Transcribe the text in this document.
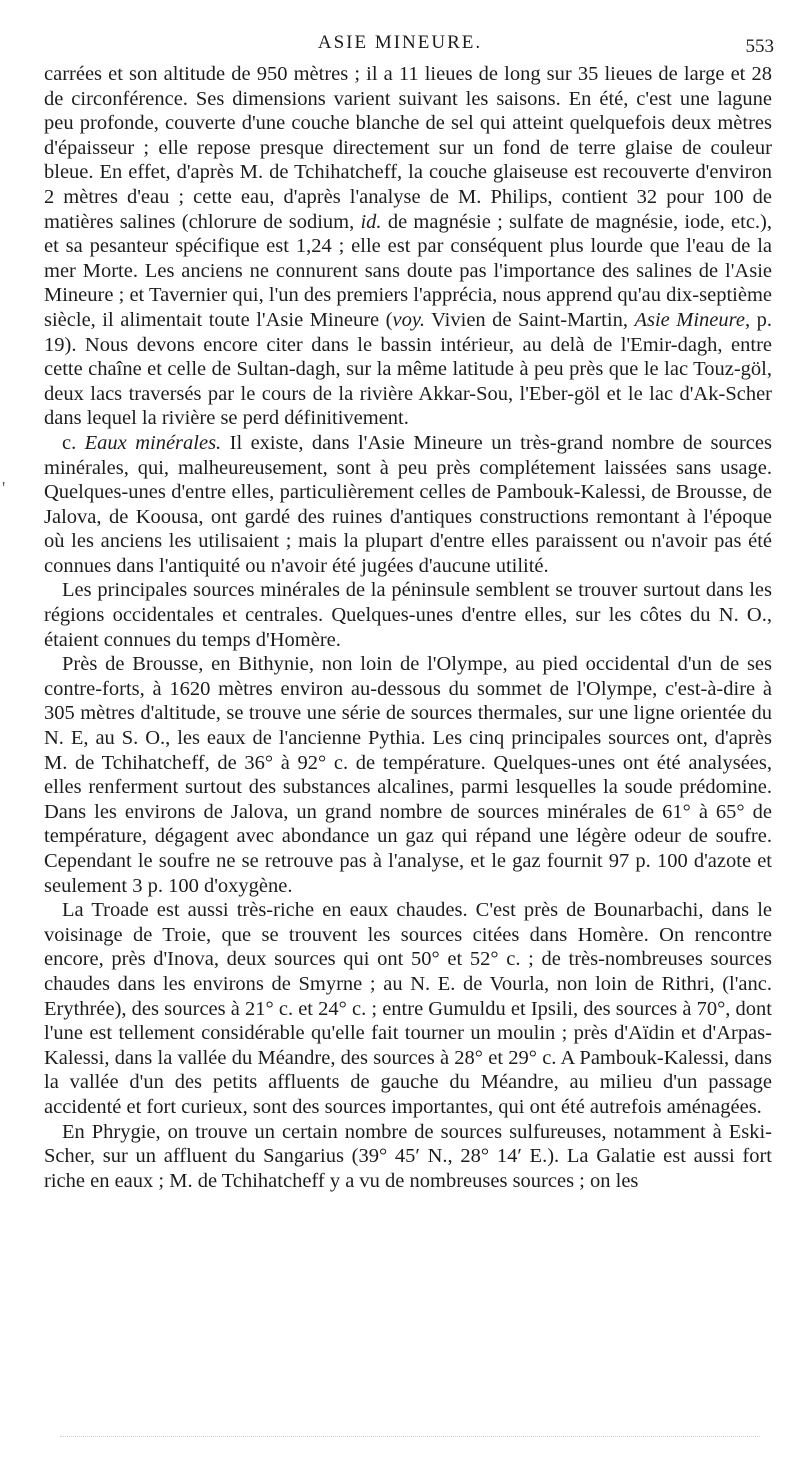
ASIE MINEURE.	553
'

carrées et son altitude de 950 mètres ; il a 11 lieues de long sur 35 lieues de large et 28 de circonférence. Ses dimensions varient suivant les saisons. En été, c'est une lagune peu profonde, couverte d'une couche blanche de sel qui atteint quelquefois deux mètres d'épaisseur ; elle repose presque directement sur un fond de terre glaise de couleur bleue. En effet, d'après M. de Tchihatcheff, la couche glaiseuse est recouverte d'environ 2 mètres d'eau ; cette eau, d'après l'analyse de M. Philips, contient 32 pour 100 de matières salines (chlorure de sodium, id. de magnésie ; sulfate de magnésie, iode, etc.), et sa pesanteur spécifique est 1,24 ; elle est par conséquent plus lourde que l'eau de la mer Morte. Les anciens ne connurent sans doute pas l'importance des salines de l'Asie Mineure ; et Tavernier qui, l'un des premiers l'apprécia, nous apprend qu'au dix-septième siècle, il alimentait toute l'Asie Mineure (voy. Vivien de Saint-Martin, Asie Mineure, p. 19). Nous devons encore citer dans le bassin intérieur, au delà de l'Emir-dagh, entre cette chaîne et celle de Sultan-dagh, sur la même latitude à peu près que le lac Touz-göl, deux lacs traversés par le cours de la rivière Akkar-Sou, l'Eber-göl et le lac d'Ak-Scher dans lequel la rivière se perd définitivement.

c. Eaux minérales. Il existe, dans l'Asie Mineure un très-grand nombre de sources minérales, qui, malheureusement, sont à peu près complétement laissées sans usage. Quelques-unes d'entre elles, particulièrement celles de Pambouk-Kalessi, de Brousse, de Jalova, de Koousa, ont gardé des ruines d'antiques constructions remontant à l'époque où les anciens les utilisaient ; mais la plupart d'entre elles paraissent ou n'avoir pas été connues dans l'antiquité ou n'avoir été jugées d'aucune utilité.

Les principales sources minérales de la péninsule semblent se trouver surtout dans les régions occidentales et centrales. Quelques-unes d'entre elles, sur les côtes du N. O., étaient connues du temps d'Homère.

Près de Brousse, en Bithynie, non loin de l'Olympe, au pied occidental d'un de ses contre-forts, à 1620 mètres environ au-dessous du sommet de l'Olympe, c'est-à-dire à 305 mètres d'altitude, se trouve une série de sources thermales, sur une ligne orientée du N. E, au S. O., les eaux de l'ancienne Pythia. Les cinq principales sources ont, d'après M. de Tchihatcheff, de 36° à 92° c. de température. Quelques-unes ont été analysées, elles renferment surtout des substances alcalines, parmi lesquelles la soude prédomine. Dans les environs de Jalova, un grand nombre de sources minérales de 61° à 65° de température, dégagent avec abondance un gaz qui répand une légère odeur de soufre. Cependant le soufre ne se retrouve pas à l'analyse, et le gaz fournit 97 p. 100 d'azote et seulement 3 p. 100 d'oxygène.

La Troade est aussi très-riche en eaux chaudes. C'est près de Bounarbachi, dans le voisinage de Troie, que se trouvent les sources citées dans Homère. On rencontre encore, près d'Inova, deux sources qui ont 50° et 52° c. ; de très-nombreuses sources chaudes dans les environs de Smyrne ; au N. E. de Vourla, non loin de Rithri, (l'anc. Erythrée), des sources à 21° c. et 24° c. ; entre Gumuldu et Ipsili, des sources à 70°, dont l'une est tellement considérable qu'elle fait tourner un moulin ; près d'Aïdin et d'Arpas-Kalessi, dans la vallée du Méandre, des sources à 28° et 29° c. A Pambouk-Kalessi, dans la vallée d'un des petits affluents de gauche du Méandre, au milieu d'un passage accidenté et fort curieux, sont des sources importantes, qui ont été autrefois aménagées.

En Phrygie, on trouve un certain nombre de sources sulfureuses, notamment à Eski-Scher, sur un affluent du Sangarius (39° 45′ N., 28° 14′ E.). La Galatie est aussi fort riche en eaux ; M. de Tchihatcheff y a vu de nombreuses sources ; on les
